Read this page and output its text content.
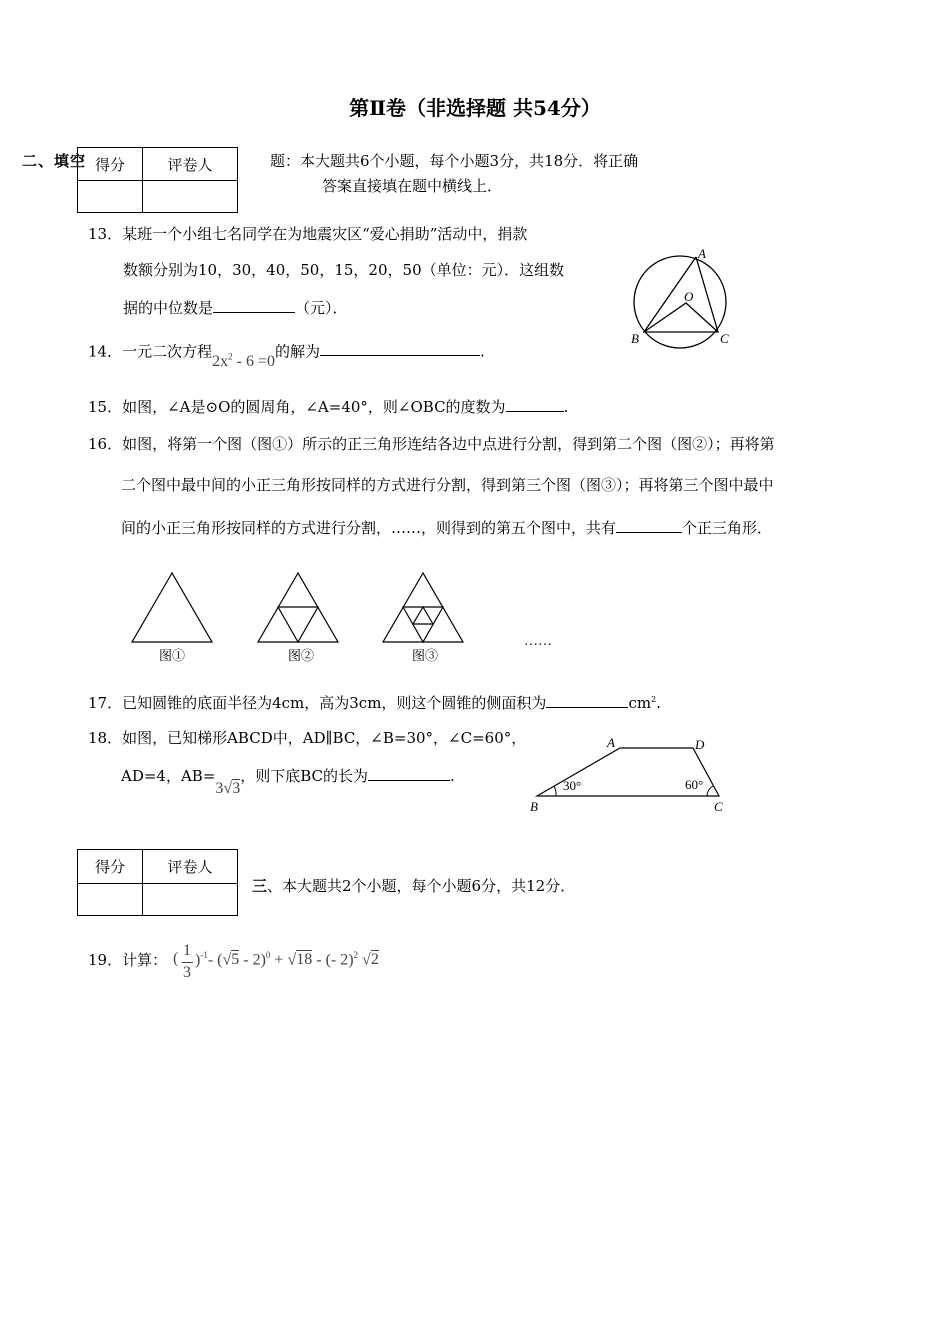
第Ⅱ卷（非选择题 共54分）
二、填空 得分	评卷人
		题：本大题共6个小题，每个小题3分，共18分．将正确
答案直接填在题中横线上．
13．某班一个小组七名同学在为地震灾区“爱心捐助”活动中，捐款
数额分别为10，30，40，50，15，20，50（单位：元）．这组数
据的中位数是	（元）．
A
O
B	C
14．一元二次方程$2x^2 - 6 =0$的解为	.
15．如图，∠A是⊙O的圆周角，∠A=40°，则∠OBC的度数为	.
16．如图，将第一个图（图①）所示的正三角形连结各边中点进行分割，得到第二个图（图②）；再将第
二个图中最中间的小正三角形按同样的方式进行分割，得到第三个图（图③）；再将第三个图中最中
间的小正三角形按同样的方式进行分割，……，则得到的第五个图中，共有	个正三角形．
图①	图②	图③
……
17．已知圆锥的底面半径为4cm，高为3cm，则这个圆锥的侧面积为	$cm^2$.
18．如图，已知梯形ABCD中，AD∥BC，∠B=30°，∠C=60°，
AD=4，AB=3√3，则下底BC的长为	.
A	D
B	C
30°	60°
得分	评卷人

三、本大题共2个小题，每个小题6分，共12分．
19．计算： ( 1
3
)$^{-1}$- (√5 - 2)$^0$ + √18 - (- 2)$^2$ √2
